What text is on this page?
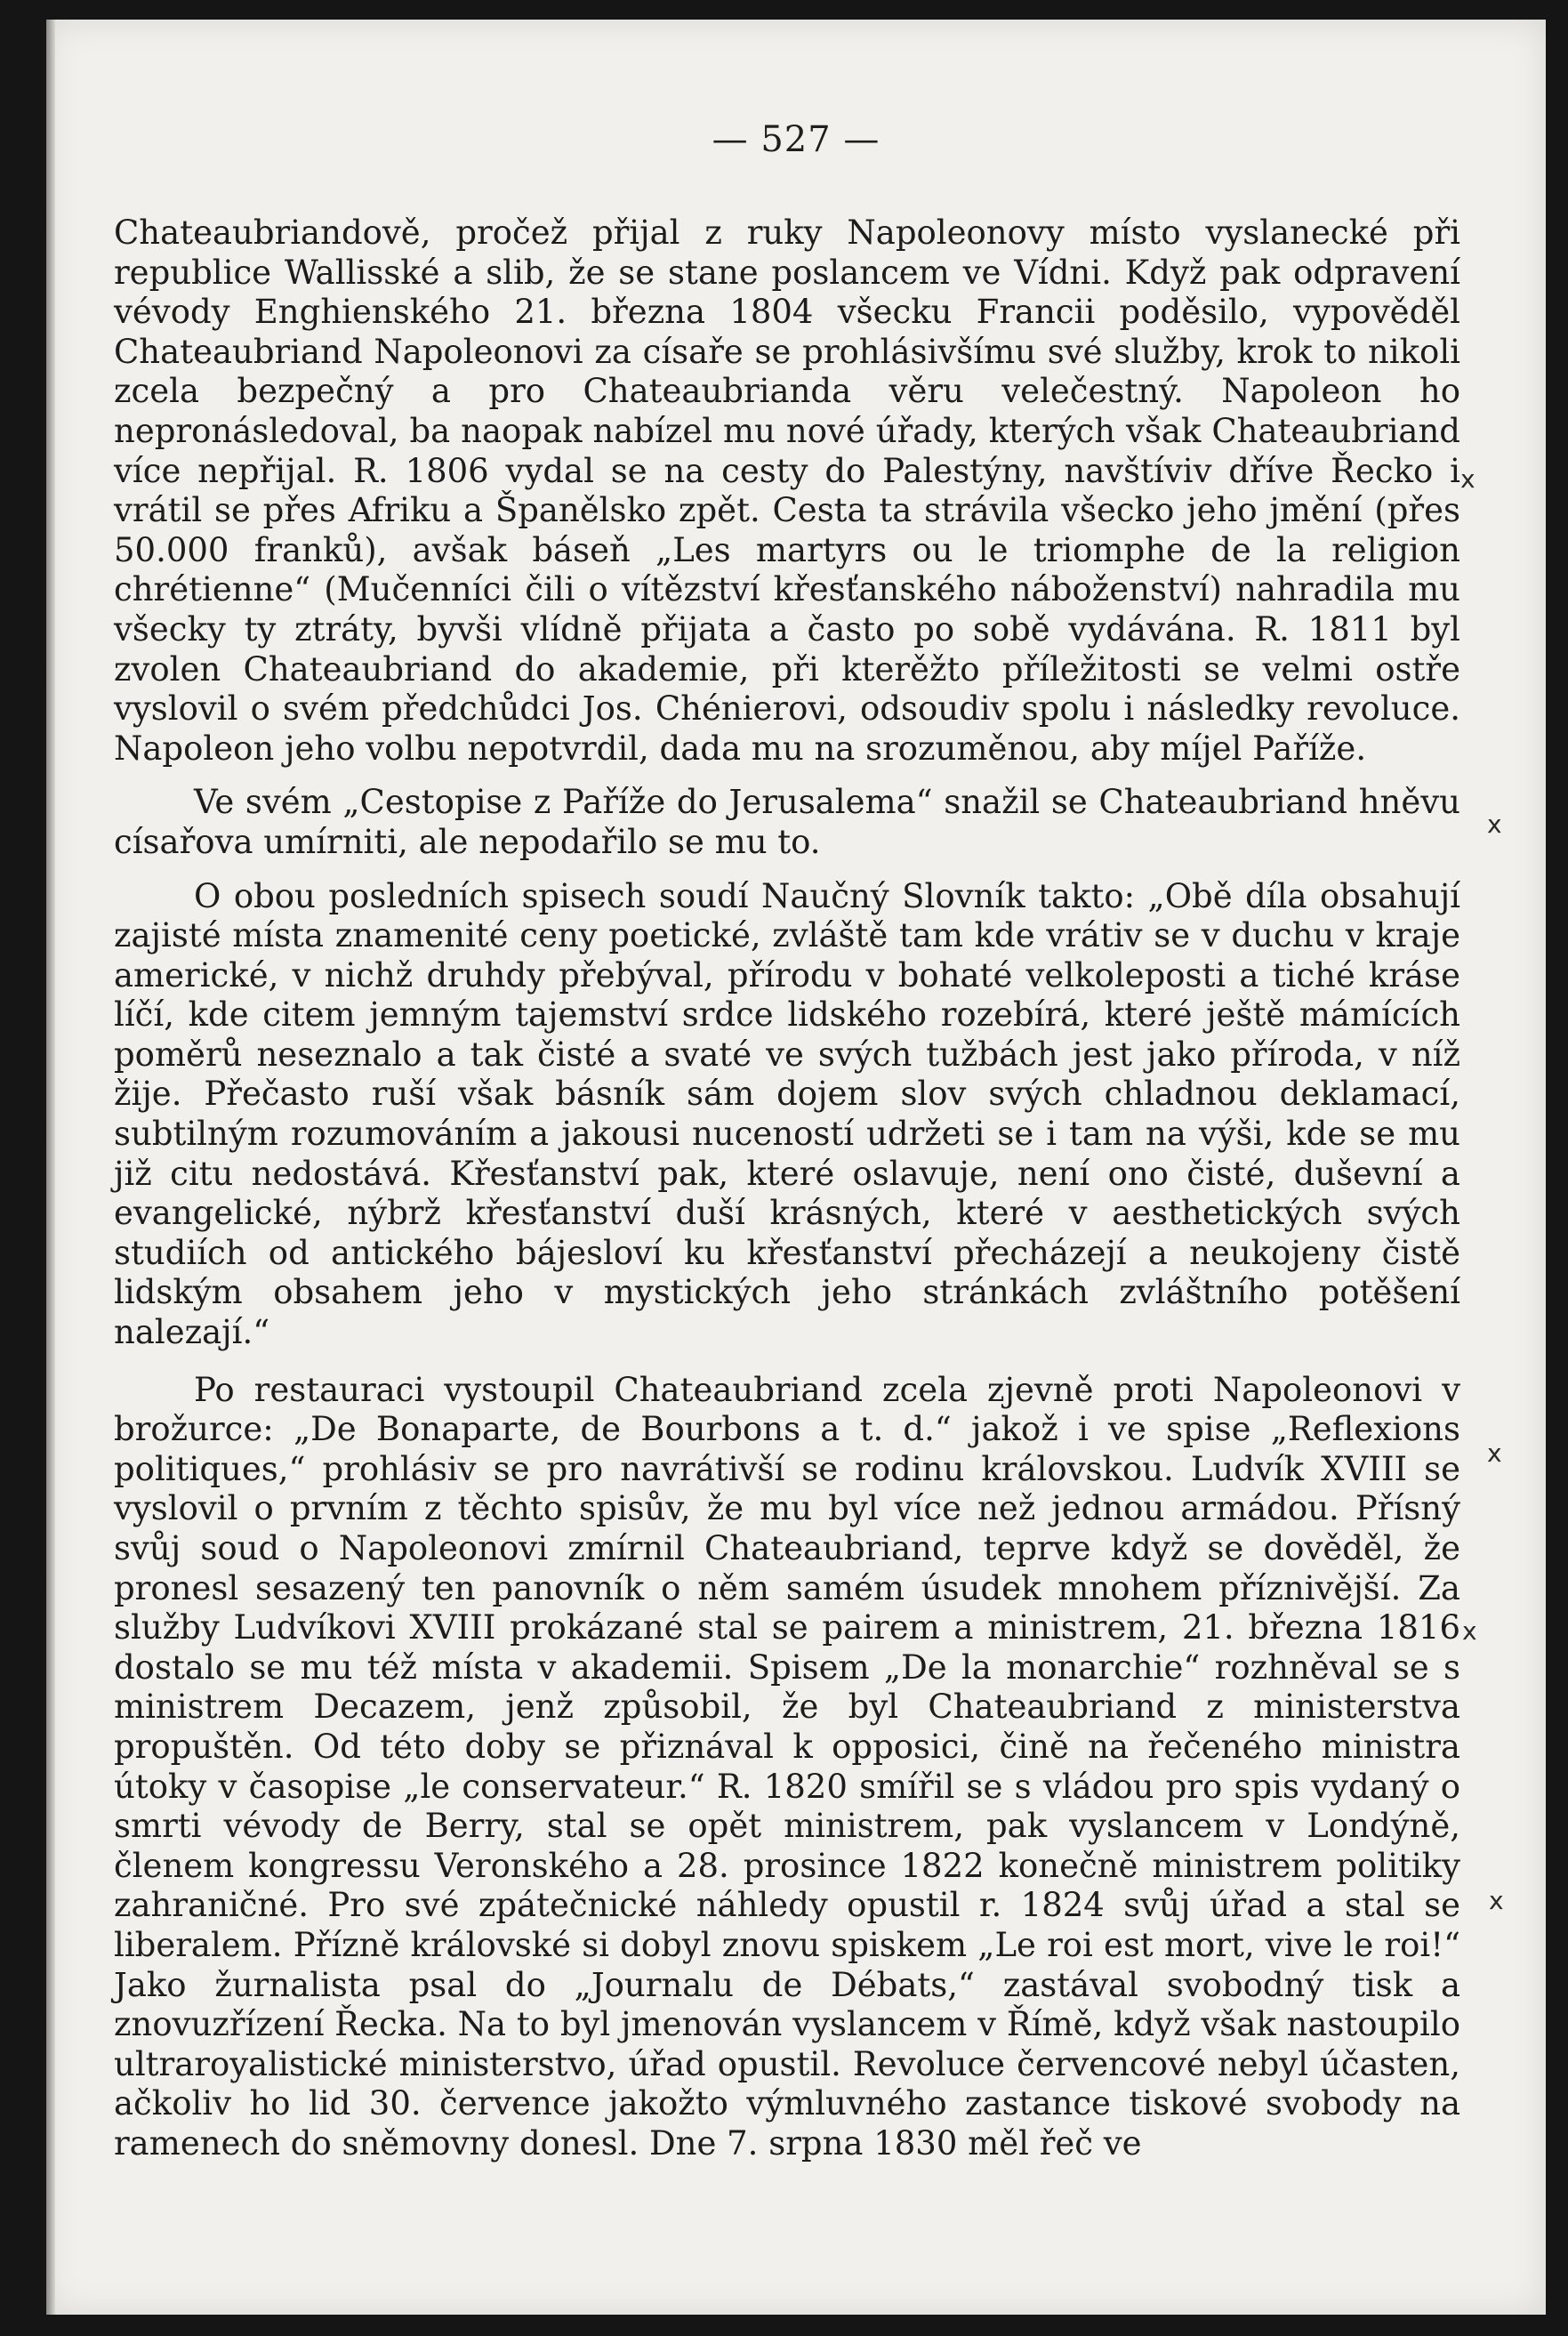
— 527 —

Chateaubriandově, pročež přijal z ruky Napoleonovy místo vyslanecké při republice Wallisské a slib, že se stane poslancem ve Vídni. Když pak odpravení vévody Enghienského 21. března 1804 všecku Francii poděsilo, vypověděl Chateaubriand Napoleonovi za císaře se prohlásivšímu své služby, krok to nikoli zcela bezpečný a pro Chateaubrianda věru velečestný. Napoleon ho nepronásledoval, ba naopak nabízel mu nové úřady, kterých však Chateaubriand více nepřijal. R. 1806 vydal se na cesty do Palestýny, navštíviv dříve Řecko i vrátil se přes Afriku a Španělsko zpět. Cesta ta strávila všecko jeho jmění (přes 50.000 franků), avšak báseň „Les martyrs ou le triomphe de la religion chrétienne“ (Mučenníci čili o vítězství křesťanského náboženství) nahradila mu všecky ty ztráty, byvši vlídně přijata a často po sobě vydávána. R. 1811 byl zvolen Chateaubriand do akademie, při kterěžto příležitosti se velmi ostře vyslovil o svém předchůdci Jos. Chénierovi, odsoudiv spolu i následky revoluce. Napoleon jeho volbu nepotvrdil, dada mu na srozuměnou, aby míjel Paříže.

Ve svém „Cestopise z Paříže do Jerusalema“ snažil se Chateaubriand hněvu císařova umírniti, ale nepodařilo se mu to.

O obou posledních spisech soudí Naučný Slovník takto: „Obě díla obsahují zajisté místa znamenité ceny poetické, zvláště tam kde vrátiv se v duchu v kraje americké, v nichž druhdy přebýval, přírodu v bohaté velkoleposti a tiché kráse líčí, kde citem jemným tajemství srdce lidského rozebírá, které ještě mámících poměrů neseznalo a tak čisté a svaté ve svých tužbách jest jako příroda, v níž žije. Přečasto ruší však básník sám dojem slov svých chladnou deklamací, subtilným rozumováním a jakousi nuceností udržeti se i tam na výši, kde se mu již citu nedostává. Křesťanství pak, které oslavuje, není ono čisté, duševní a evangelické, nýbrž křesťanství duší krásných, které v aesthetických svých studiích od antického bájesloví ku křesťanství přecházejí a neukojeny čistě lidským obsahem jeho v mystických jeho stránkách zvláštního potěšení nalezají.“

Po restauraci vystoupil Chateaubriand zcela zjevně proti Napoleonovi v brožurce: „De Bonaparte, de Bourbons a t. d.“ jakož i ve spise „Reflexions politiques,“ prohlásiv se pro navrátivší se rodinu královskou. Ludvík XVIII se vyslovil o prvním z těchto spisův, že mu byl více než jednou armádou. Přísný svůj soud o Napoleonovi zmírnil Chateaubriand, teprve když se dověděl, že pronesl sesazený ten panovník o něm samém úsudek mnohem příznivější. Za služby Ludvíkovi XVIII prokázané stal se pairem a ministrem, 21. března 1816 dostalo se mu též místa v akademii. Spisem „De la monarchie“ rozhněval se s ministrem Decazem, jenž způsobil, že byl Chateaubriand z ministerstva propuštěn. Od této doby se přiznával k opposici, čině na řečeného ministra útoky v časopise „le conservateur.“ R. 1820 smířil se s vládou pro spis vydaný o smrti vévody de Berry, stal se opět ministrem, pak vyslancem v Londýně, členem kongressu Veronského a 28. prosince 1822 konečně ministrem politiky zahraničné. Pro své zpátečnické náhledy opustil r. 1824 svůj úřad a stal se liberalem. Přízně královské si dobyl znovu spiskem „Le roi est mort, vive le roi!“ Jako žurnalista psal do „Journalu de Débats,“ zastával svobodný tisk a znovuzřízení Řecka. Na to byl jmenován vyslancem v Římě, když však nastoupilo ultraroyalistické ministerstvo, úřad opustil. Revoluce červencové nebyl účasten, ačkoliv ho lid 30. července jakožto výmluvného zastance tiskové svobody na ramenech do sněmovny donesl. Dne 7. srpna 1830 měl řeč ve

x
x
x
x
x
